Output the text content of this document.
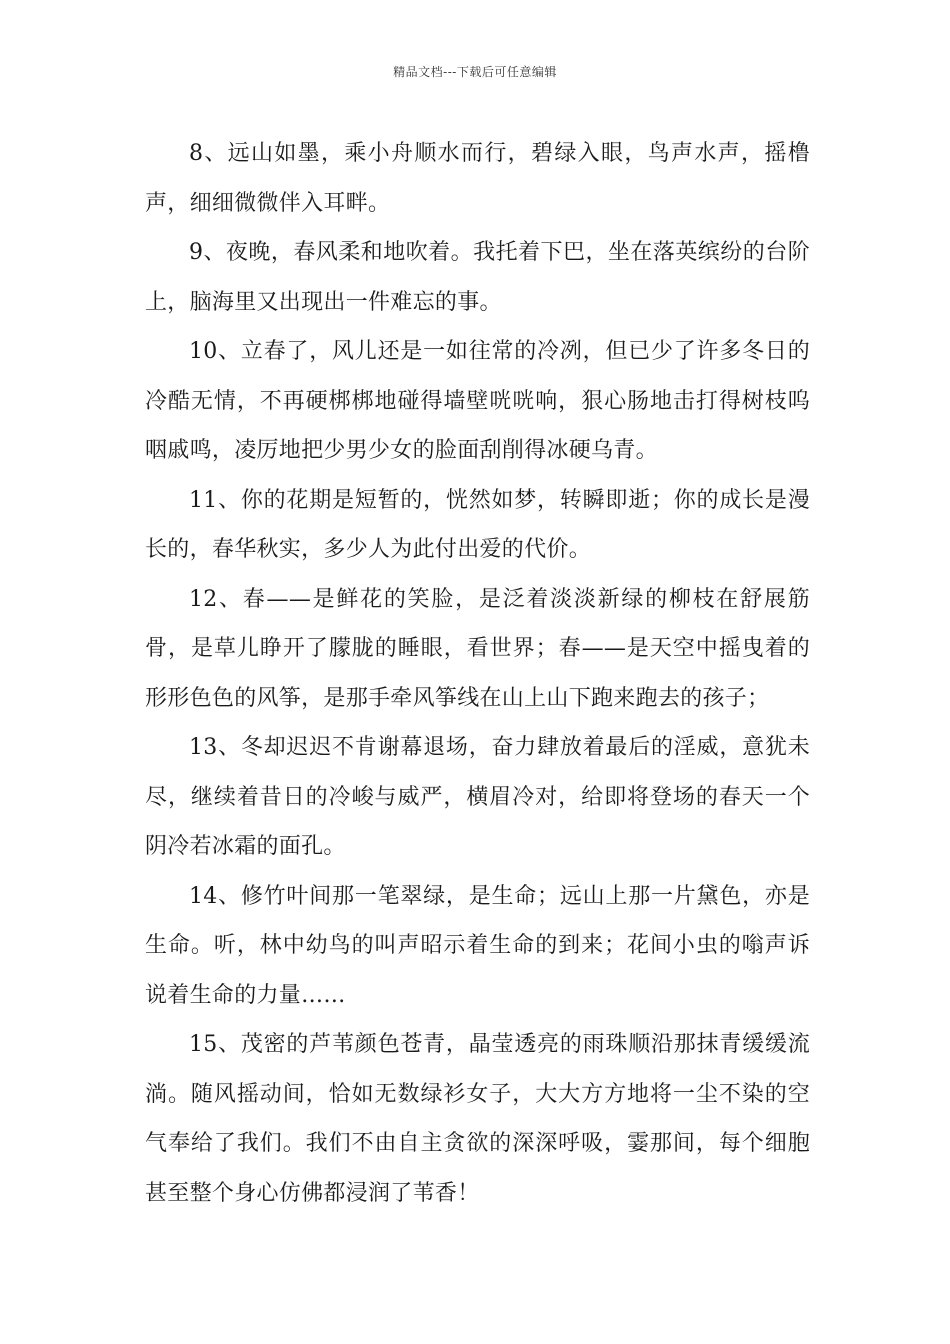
精品文档---下载后可任意编辑

8、远山如墨，乘小舟顺水而行，碧绿入眼，鸟声水声，摇橹声，细细微微伴入耳畔。

9、夜晚，春风柔和地吹着。我托着下巴，坐在落英缤纷的台阶上，脑海里又出现出一件难忘的事。

10、立春了，风儿还是一如往常的冷冽，但已少了许多冬日的冷酷无情，不再硬梆梆地碰得墙壁咣咣响，狠心肠地击打得树枝呜咽戚鸣，凌厉地把少男少女的脸面刮削得冰硬乌青。

11、你的花期是短暂的，恍然如梦，转瞬即逝；你的成长是漫长的，春华秋实，多少人为此付出爱的代价。

12、春——是鲜花的笑脸，是泛着淡淡新绿的柳枝在舒展筋骨，是草儿睁开了朦胧的睡眼，看世界；春——是天空中摇曳着的形形色色的风筝，是那手牵风筝线在山上山下跑来跑去的孩子；

13、冬却迟迟不肯谢幕退场，奋力肆放着最后的淫威，意犹未尽，继续着昔日的冷峻与威严，横眉冷对，给即将登场的春天一个阴冷若冰霜的面孔。

14、修竹叶间那一笔翠绿，是生命；远山上那一片黛色，亦是生命。听，林中幼鸟的叫声昭示着生命的到来；花间小虫的嗡声诉说着生命的力量……

15、茂密的芦苇颜色苍青，晶莹透亮的雨珠顺沿那抹青缓缓流淌。随风摇动间，恰如无数绿衫女子，大大方方地将一尘不染的空气奉给了我们。我们不由自主贪欲的深深呼吸，霎那间，每个细胞甚至整个身心仿佛都浸润了苇香！
